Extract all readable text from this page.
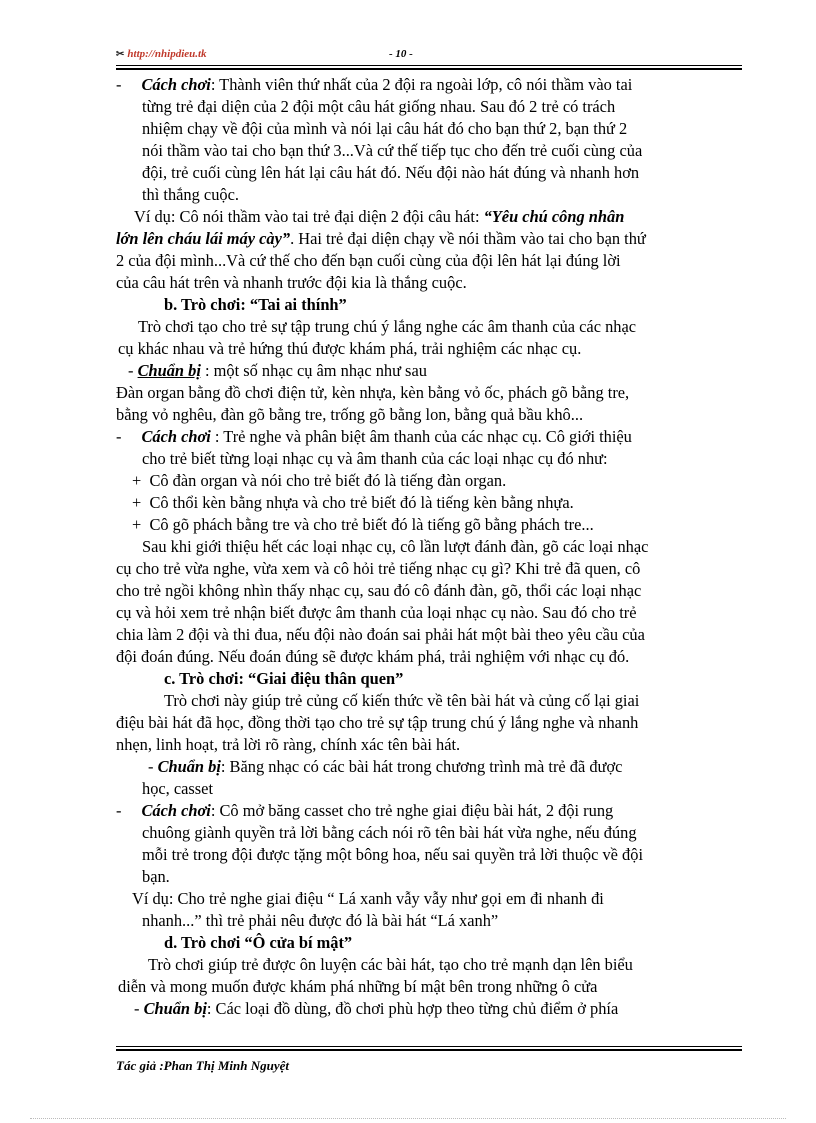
✂ http://nhipdieu.tk	- 10 -
- Cách chơi: Thành viên thứ nhất của 2 đội ra ngoài lớp, cô nói thầm vào tai
từng trẻ đại diện của 2 đội một câu hát giống nhau. Sau đó 2 trẻ có trách
nhiệm chạy về đội của mình và nói lại câu hát đó cho bạn thứ 2, bạn thứ 2
nói thầm vào tai cho bạn thứ 3...Và cứ thế tiếp tục cho đến trẻ cuối cùng của
đội, trẻ cuối cùng lên hát lại câu hát đó. Nếu đội nào hát đúng và nhanh hơn
thì thắng cuộc.
Ví dụ: Cô nói thầm vào tai trẻ đại diện 2 đội câu hát: “Yêu chú công nhân
lớn lên cháu lái máy cày”. Hai trẻ đại diện chạy về nói thầm vào tai cho bạn thứ
2 của đội mình...Và cứ thế cho đến bạn cuối cùng của đội lên hát lại đúng lời
của câu hát trên và nhanh trước đội kia là thắng cuộc.
b. Trò chơi: “Tai ai thính”
Trò chơi tạo cho trẻ sự tập trung chú ý lắng nghe các âm thanh của các nhạc
cụ khác nhau và trẻ hứng thú được khám phá, trải nghiệm các nhạc cụ.
- Chuẩn bị : một số nhạc cụ âm nhạc như sau
Đàn organ bằng đồ chơi điện tử, kèn nhựa, kèn bằng vỏ ốc, phách gõ bằng tre,
bằng vỏ nghêu, đàn gõ bằng tre, trống gõ bằng lon, bằng quả bầu khô...
- Cách chơi : Trẻ nghe và phân biệt âm thanh của các nhạc cụ. Cô giới thiệu
cho trẻ biết từng loại nhạc cụ và âm thanh của các loại nhạc cụ đó như:
+ Cô đàn organ và nói cho trẻ biết đó là tiếng đàn organ.
+ Cô thổi kèn bằng nhựa và cho trẻ biết đó là tiếng kèn bằng nhựa.
+ Cô gõ phách bằng tre và cho trẻ biết đó là tiếng gõ bằng phách tre...
Sau khi giới thiệu hết các loại nhạc cụ, cô lần lượt đánh đàn, gõ các loại nhạc
cụ cho trẻ vừa nghe, vừa xem và cô hỏi trẻ tiếng nhạc cụ gì? Khi trẻ đã quen, cô
cho trẻ ngồi không nhìn thấy nhạc cụ, sau đó cô đánh đàn, gõ, thổi các loại nhạc
cụ và hỏi xem trẻ nhận biết được âm thanh của loại nhạc cụ nào. Sau đó cho trẻ
chia làm 2 đội và thi đua, nếu đội nào đoán sai phải hát một bài theo yêu cầu của
đội đoán đúng. Nếu đoán đúng sẽ được khám phá, trải nghiệm với nhạc cụ đó.
c. Trò chơi: “Giai điệu thân quen”
Trò chơi này giúp trẻ củng cố kiến thức về tên bài hát và củng cố lại giai
điệu bài hát đã học, đồng thời tạo cho trẻ sự tập trung chú ý lắng nghe và nhanh
nhẹn, linh hoạt, trả lời rõ ràng, chính xác tên bài hát.
- Chuẩn bị: Băng nhạc có các bài hát trong chương trình mà trẻ đã được
học, casset
- Cách chơi: Cô mở băng casset cho trẻ nghe giai điệu bài hát, 2 đội rung
chuông giành quyền trả lời bằng cách nói rõ tên bài hát vừa nghe, nếu đúng
mỗi trẻ trong đội được tặng một bông hoa, nếu sai quyền trả lời thuộc về đội
bạn.
Ví dụ: Cho trẻ nghe giai điệu “ Lá xanh vẫy vẫy như gọi em đi nhanh đi
nhanh...” thì trẻ phải nêu được đó là bài hát “Lá xanh”
d. Trò chơi “Ô cửa bí mật”
Trò chơi giúp trẻ được ôn luyện các bài hát, tạo cho trẻ mạnh dạn lên biểu
diễn và mong muốn được khám phá những bí mật bên trong những ô cửa
- Chuẩn bị: Các loại đồ dùng, đồ chơi phù hợp theo từng chủ điểm ở phía
Tác giả :Phan Thị Minh Nguyệt
